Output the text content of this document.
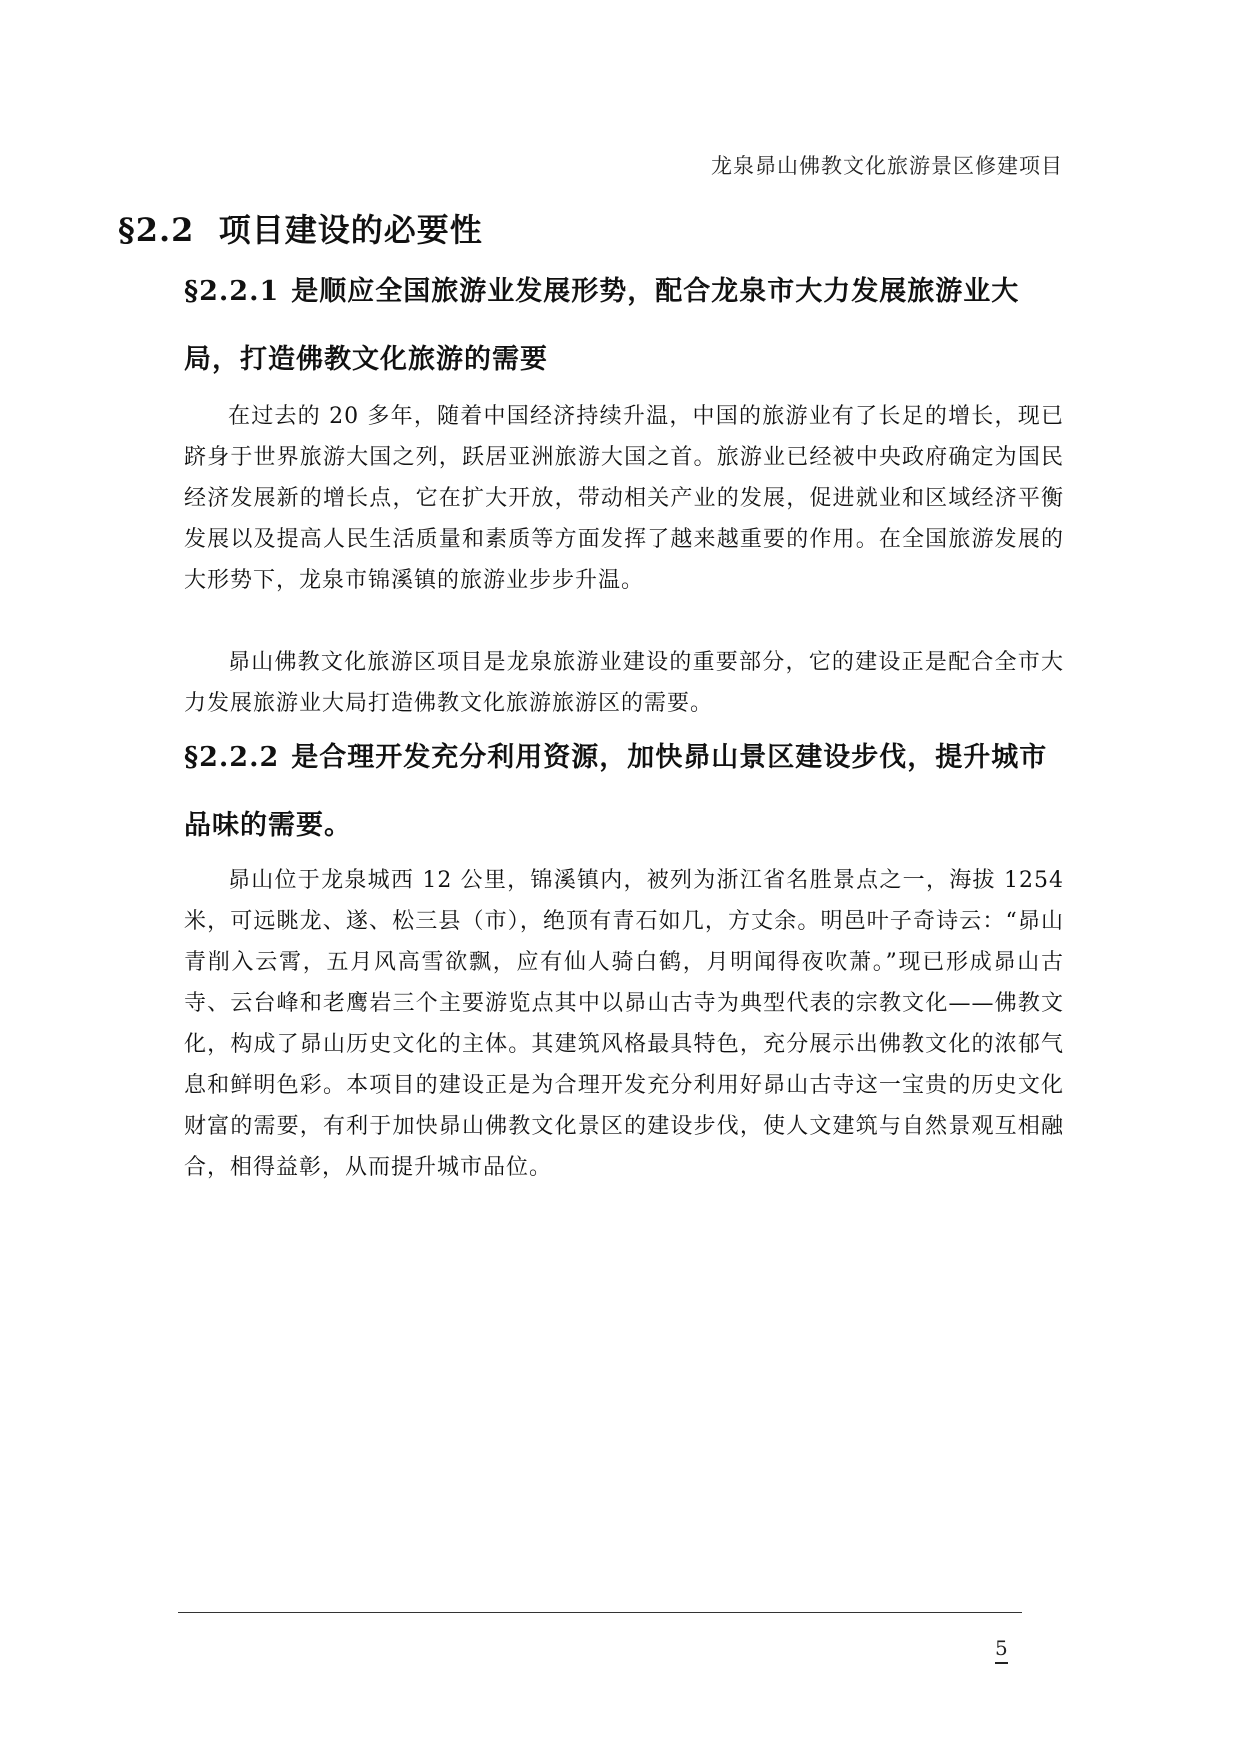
龙泉昴山佛教文化旅游景区修建项目
§2.2 项目建设的必要性
§2.2.1 是顺应全国旅游业发展形势，配合龙泉市大力发展旅游业大局，打造佛教文化旅游的需要

在过去的 20 多年，随着中国经济持续升温，中国的旅游业有了长足的增长，现已跻身于世界旅游大国之列，跃居亚洲旅游大国之首。旅游业已经被中央政府确定为国民经济发展新的增长点，它在扩大开放，带动相关产业的发展，促进就业和区域经济平衡发展以及提高人民生活质量和素质等方面发挥了越来越重要的作用。在全国旅游发展的大形势下，龙泉市锦溪镇的旅游业步步升温。

昴山佛教文化旅游区项目是龙泉旅游业建设的重要部分，它的建设正是配合全市大力发展旅游业大局打造佛教文化旅游旅游区的需要。

§2.2.2 是合理开发充分利用资源，加快昴山景区建设步伐，提升城市品味的需要。

昴山位于龙泉城西 12 公里，锦溪镇内，被列为浙江省名胜景点之一，海拔 1254 米，可远眺龙、遂、松三县（市），绝顶有青石如几，方丈余。明邑叶子奇诗云：“昴山青削入云霄，五月风高雪欲飘，应有仙人骑白鹤，月明闻得夜吹萧。”现已形成昴山古寺、云台峰和老鹰岩三个主要游览点其中以昴山古寺为典型代表的宗教文化——佛教文化，构成了昴山历史文化的主体。其建筑风格最具特色，充分展示出佛教文化的浓郁气息和鲜明色彩。本项目的建设正是为合理开发充分利用好昴山古寺这一宝贵的历史文化财富的需要，有利于加快昴山佛教文化景区的建设步伐，使人文建筑与自然景观互相融合，相得益彰，从而提升城市品位。

5
